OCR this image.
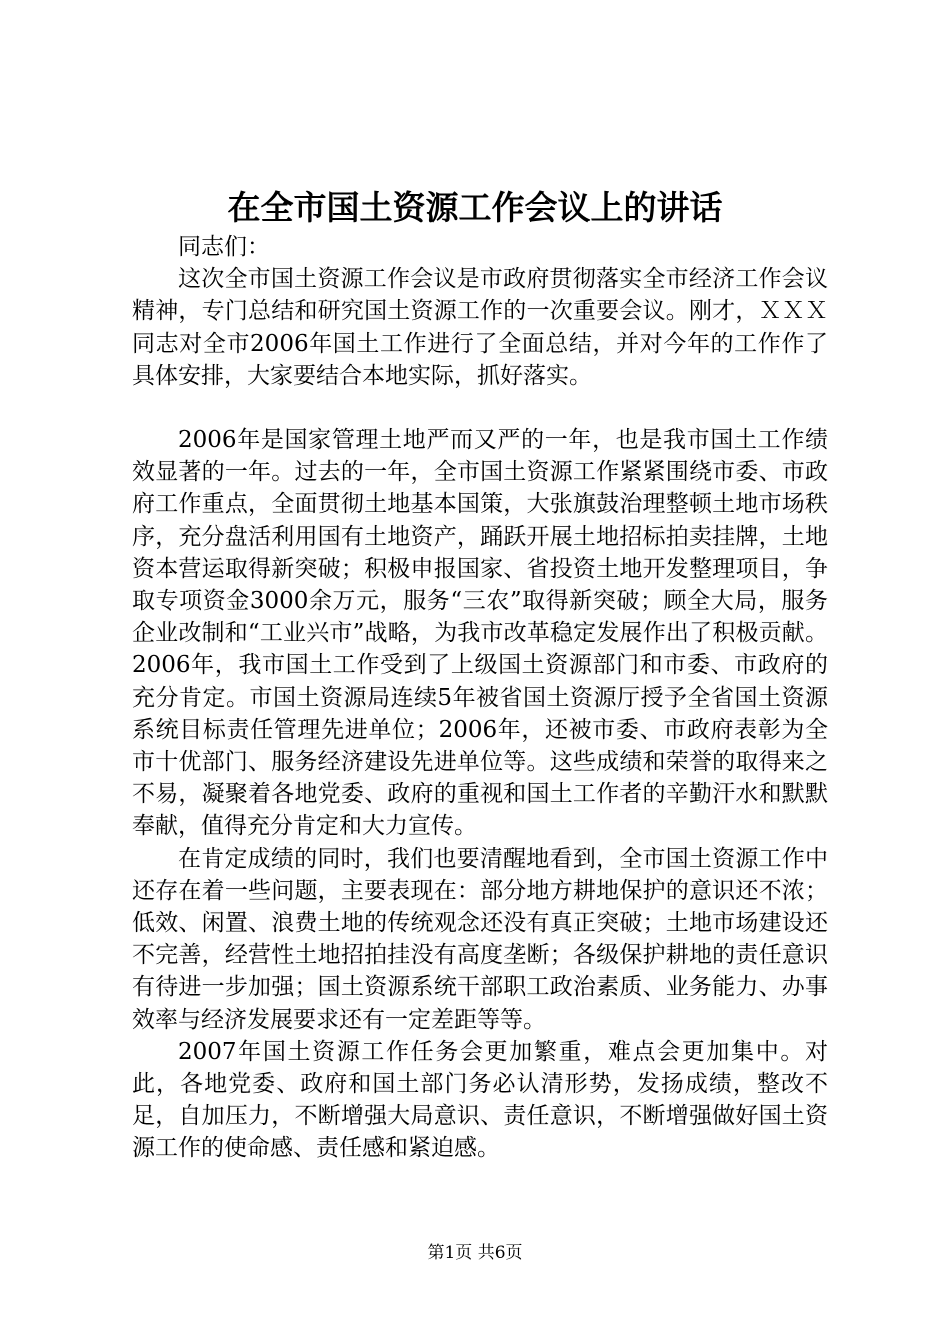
在全市国土资源工作会议上的讲话

同志们：

这次全市国土资源工作会议是市政府贯彻落实全市经济工作会议精神，专门总结和研究国土资源工作的一次重要会议。刚才，ＸＸＸ同志对全市2006年国土工作进行了全面总结，并对今年的工作作了具体安排，大家要结合本地实际，抓好落实。

2006年是国家管理土地严而又严的一年，也是我市国土工作绩效显著的一年。过去的一年，全市国土资源工作紧紧围绕市委、市政府工作重点，全面贯彻土地基本国策，大张旗鼓治理整顿土地市场秩序，充分盘活利用国有土地资产，踊跃开展土地招标拍卖挂牌，土地资本营运取得新突破；积极申报国家、省投资土地开发整理项目，争取专项资金3000余万元，服务“三农”取得新突破；顾全大局，服务企业改制和“工业兴市”战略，为我市改革稳定发展作出了积极贡献。2006年，我市国土工作受到了上级国土资源部门和市委、市政府的充分肯定。市国土资源局连续5年被省国土资源厅授予全省国土资源系统目标责任管理先进单位；2006年，还被市委、市政府表彰为全市十优部门、服务经济建设先进单位等。这些成绩和荣誉的取得来之不易，凝聚着各地党委、政府的重视和国土工作者的辛勤汗水和默默奉献，值得充分肯定和大力宣传。

在肯定成绩的同时，我们也要清醒地看到，全市国土资源工作中还存在着一些问题，主要表现在：部分地方耕地保护的意识还不浓；低效、闲置、浪费土地的传统观念还没有真正突破；土地市场建设还不完善，经营性土地招拍挂没有高度垄断；各级保护耕地的责任意识有待进一步加强；国土资源系统干部职工政治素质、业务能力、办事效率与经济发展要求还有一定差距等等。

2007年国土资源工作任务会更加繁重，难点会更加集中。对此，各地党委、政府和国土部门务必认清形势，发扬成绩，整改不足，自加压力，不断增强大局意识、责任意识，不断增强做好国土资源工作的使命感、责任感和紧迫感。

第1页 共6页
